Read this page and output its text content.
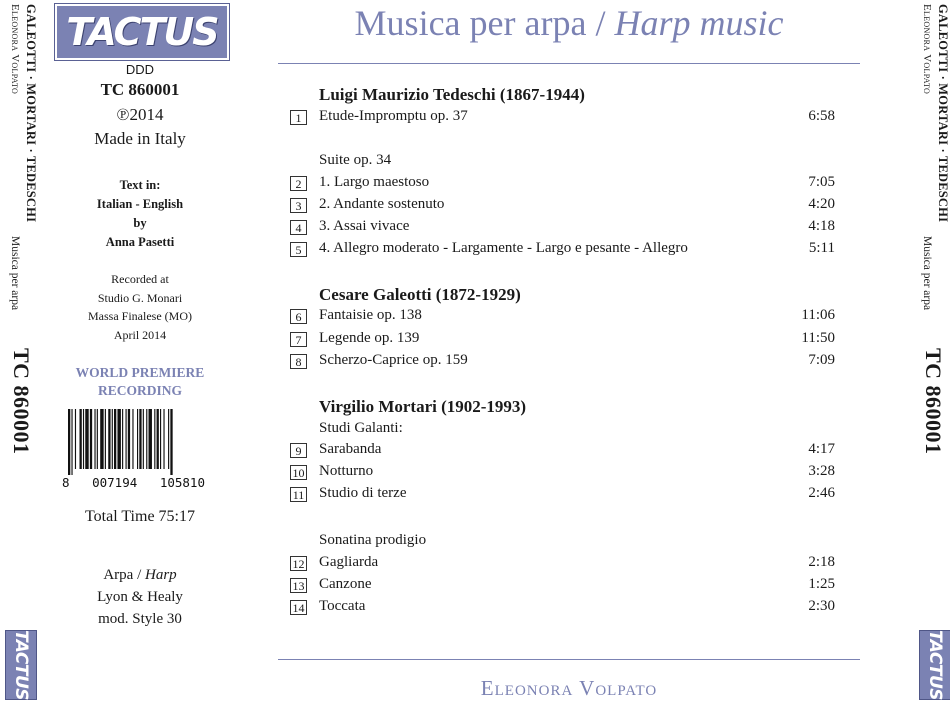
GALEOTTI · MORTARI · TEDESCHI
Eleonora Volpato
Musica per arpa
TC 860001
TACTUS
GALEOTTI · MORTARI · TEDESCHI
Eleonora Volpato
Musica per arpa
TC 860001
TACTUS
TACTUS
DDD
TC 860001
℗2014
Made in Italy
Text in:
Italian - English
by
Anna Pasetti
Recorded at
Studio G. Monari
Massa Finalese (MO)
April 2014
WORLD PREMIERE
RECORDING
8   007194   105810
Total Time 75:17
Arpa / Harp
Lyon & Healy
mod. Style 30
Musica per arpa / Harp music
Luigi Maurizio Tedeschi (1867-1944)
Suite op. 34
Cesare Galeotti (1872-1929)
Virgilio Mortari (1902-1993)
Studi Galanti:
Sonatina prodigio
1	Etude-Impromptu op. 37	6:58
2	1. Largo maestoso	7:05
3	2. Andante sostenuto	4:20
4	3. Assai vivace	4:18
5	4. Allegro moderato - Largamente - Largo e pesante - Allegro	5:11
6	Fantaisie op. 138	11:06
7	Legende op. 139	11:50
8	Scherzo-Caprice op. 159	7:09
9	Sarabanda	4:17
10 Notturno	3:28
11 Studio di terze	2:46
12 Gagliarda	2:18
13 Canzone	1:25
14 Toccata	2:30
Eleonora Volpato
